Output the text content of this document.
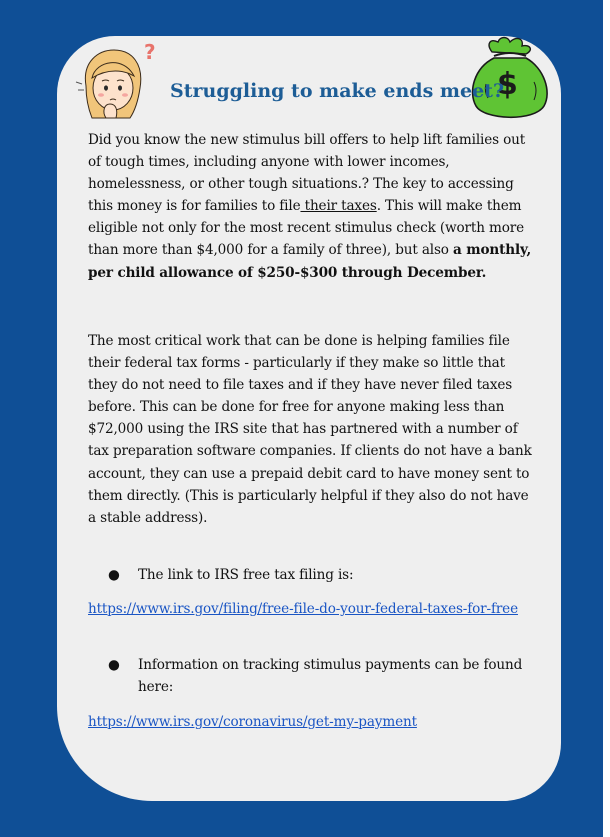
?
$
Struggling to make ends meet?

Did you know the new stimulus bill offers to help lift families out of tough times, including anyone with lower incomes, homelessness, or other tough situations.? The key to accessing this money is for families to file their taxes. This will make them eligible not only for the most recent stimulus check (worth more than more than $4,000 for a family of three), but also a monthly, per child allowance of $250-$300 through December.

The most critical work that can be done is helping families file their federal tax forms - particularly if they make so little that they do not need to file taxes and if they have never filed taxes before. This can be done for free for anyone making less than $72,000 using the IRS site that has partnered with a number of tax preparation software companies. If clients do not have a bank account, they can use a prepaid debit card to have money sent to them directly. (This is particularly helpful if they also do not have a stable address).

●	The link to IRS free tax filing is:
https://www.irs.gov/filing/free-file-do-your-federal-taxes-for-free
●	Information on tracking stimulus payments can be found here:
https://www.irs.gov/coronavirus/get-my-payment
